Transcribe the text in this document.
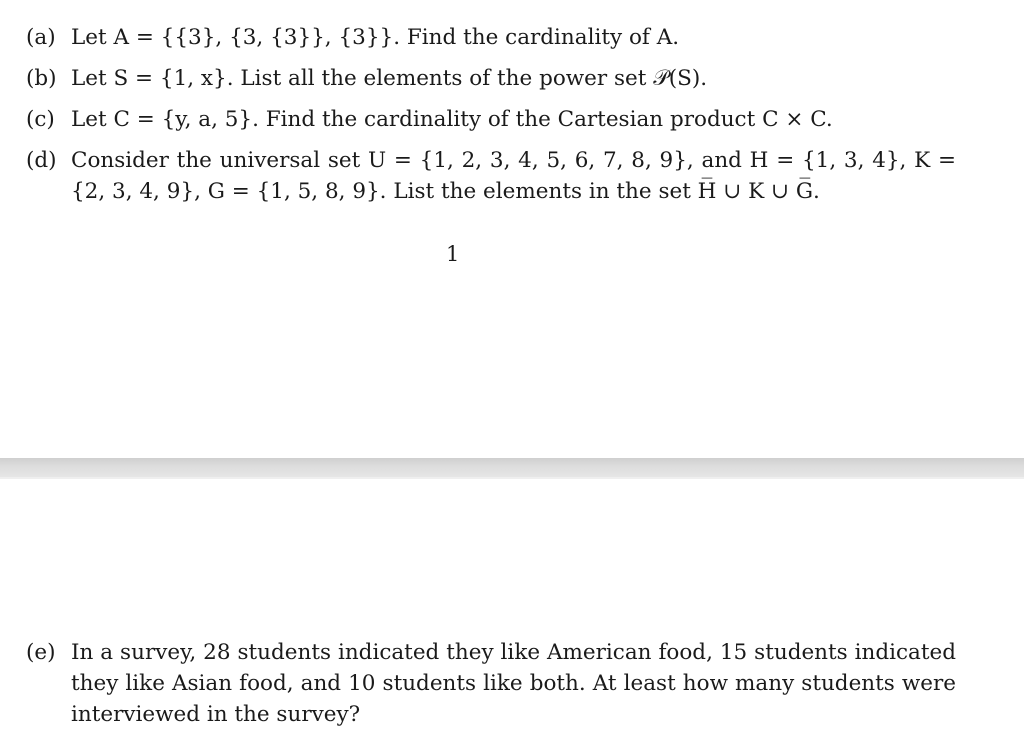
(a) Let A = {{3}, {3, {3}}, {3}}. Find the cardinality of A.
(b) Let S = {1, x}. List all the elements of the power set 𝒫(S).
(c) Let C = {y, a, 5}. Find the cardinality of the Cartesian product C × C.
(d) Consider the universal set U = {1, 2, 3, 4, 5, 6, 7, 8, 9}, and H = {1, 3, 4}, K = {2, 3, 4, 9}, G = {1, 5, 8, 9}. List the elements in the set H̅ ∪ K ∪ G̅.
1
(e) In a survey, 28 students indicated they like American food, 15 students indicated they like Asian food, and 10 students like both. At least how many students were interviewed in the survey?
